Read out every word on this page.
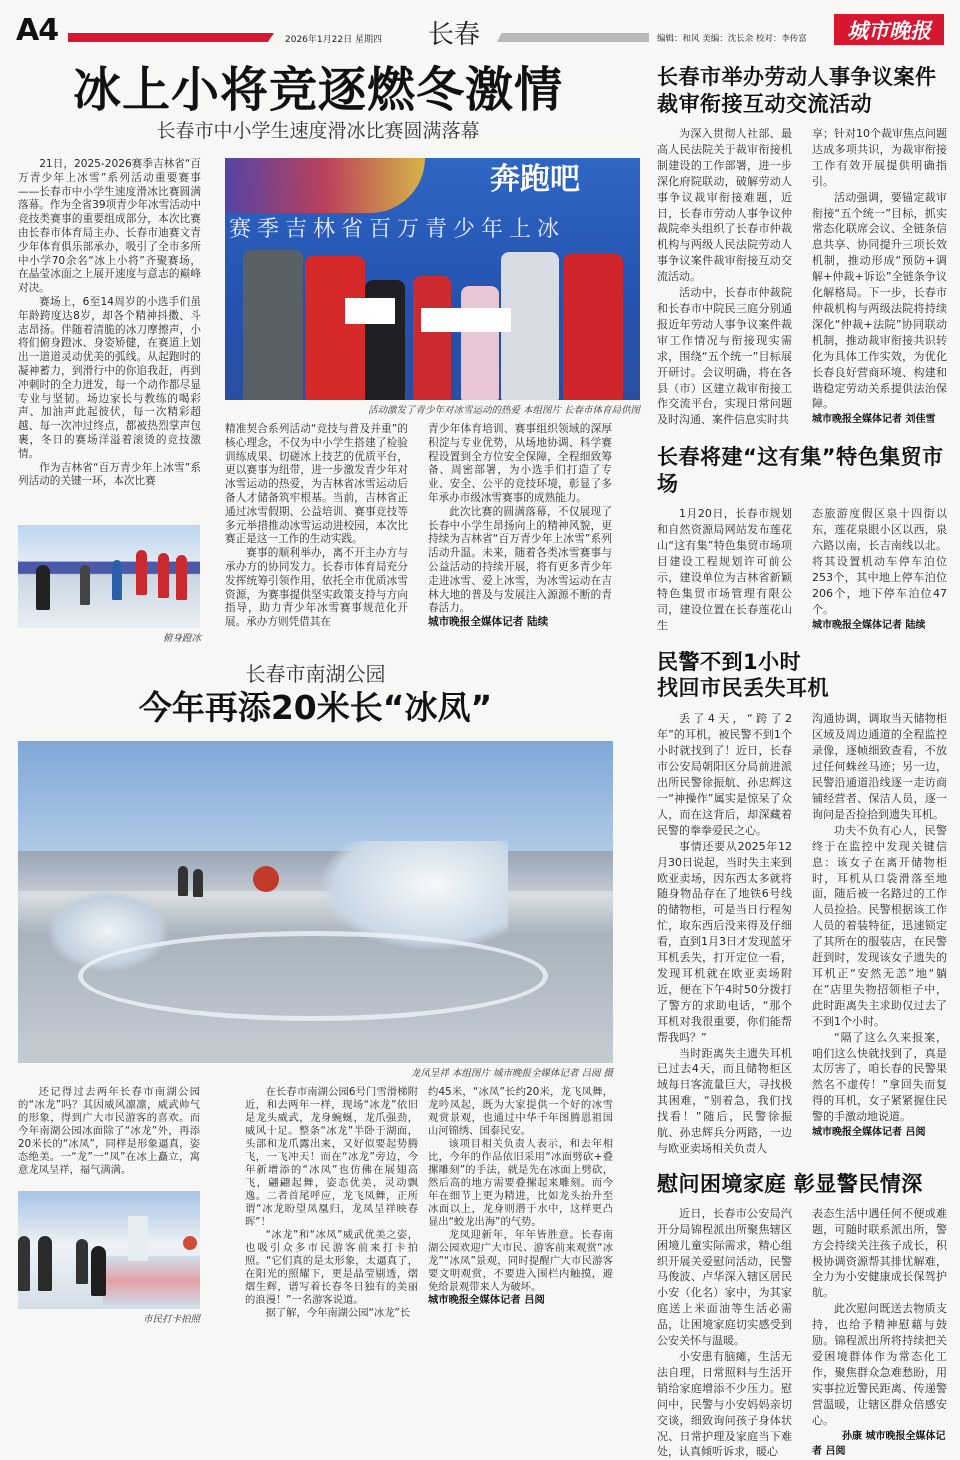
A4	2026年1月22日 星期四 长春	编辑：和风 美编：沈长余 校对：李传富 城市晚报
冰上小将竞逐燃冬激情
长春市中小学生速度滑冰比赛圆满落幕

21日，2025-2026赛季吉林省“百万青少年上冰雪”系列活动重要赛事——长春市中小学生速度滑冰比赛圆满落幕。作为全省39项青少年冰雪活动中竞技类赛事的重要组成部分，本次比赛由长春市体育局主办、长春市迪赛文青少年体育俱乐部承办，吸引了全市多所中小学70余名“冰上小将”齐聚赛场，在晶莹冰面之上展开速度与意志的巅峰对决。

赛场上，6至14周岁的小选手们虽年龄跨度达8岁，却各个精神抖擞、斗志昂扬。伴随着清脆的冰刀摩擦声，小将们俯身蹬冰、身姿矫健，在赛道上划出一道道灵动优美的弧线。从起跑时的凝神蓄力，到滑行中的你追我赶，再到冲刺时的全力迸发，每一个动作都尽显专业与坚韧。场边家长与教练的喝彩声、加油声此起彼伏，每一次精彩超越、每一次冲过终点，都被热烈掌声包裹，冬日的赛场洋溢着滚烫的竞技激情。

作为吉林省“百万青少年上冰雪”系列活动的关键一环，本次比赛

俯身蹬冰
奔跑吧
赛季吉林省百万青少年上冰
活动激发了青少年对冰雪运动的热爱 本组图片 长春市体育局供图

精准契合系列活动“竞技与普及并重”的核心理念，不仅为中小学生搭建了检验训练成果、切磋冰上技艺的优质平台，更以赛事为纽带，进一步激发青少年对冰雪运动的热爱，为吉林省冰雪运动后备人才储备筑牢根基。当前，吉林省正通过冰雪假期、公益培训、赛事竞技等多元举措推动冰雪运动进校园，本次比赛正是这一工作的生动实践。

赛事的顺利举办，离不开主办方与承办方的协同发力。长春市体育局充分发挥统筹引领作用，依托全市优质冰雪资源，为赛事提供坚实政策支持与方向指导，助力青少年冰雪赛事规范化开展。承办方则凭借其在

青少年体育培训、赛事组织领域的深厚积淀与专业优势，从场地协调、科学赛程设置到全方位安全保障，全程细致筹备、周密部署，为小选手们打造了专业、安全、公平的竞技环境，彰显了多年承办市级冰雪赛事的成熟能力。

此次比赛的圆满落幕，不仅展现了长春中小学生昂扬向上的精神风貌，更持续为吉林省“百万青少年上冰雪”系列活动升温。未来，随着各类冰雪赛事与公益活动的持续开展，将有更多青少年走进冰雪、爱上冰雪，为冰雪运动在吉林大地的普及与发展注入源源不断的青春活力。

城市晚报全媒体记者 陆续

长春市南湖公园
今年再添20米长“冰凤”
龙凤呈祥 本组图片 城市晚报全媒体记者 吕阅 摄

还记得过去两年长春市南湖公园的“冰龙”吗？其因威风凛凛，威武帅气的形象，得到广大市民游客的喜欢。而今年南湖公园冰面除了“冰龙”外，再添20米长的“冰凤”，同样是形象逼真，姿态绝美。一“龙”一“凤”在冰上矗立，寓意龙凤呈祥，福气满满。

市民打卡拍照

在长春市南湖公园6号门雪滑梯附近，和去两年一样，现场“冰龙”依旧是龙头威武，龙身蜿蜒，龙爪强劲，威风十足。整条“冰龙”半卧于湖面，头部和龙爪露出来，又好似要起势腾飞，一飞冲天！而在“冰龙”旁边，今年新增添的“冰凤”也仿佛在展翅高飞，翩翩起舞，姿态优美，灵动飘逸。二者首尾呼应，龙飞凤舞，正所谓“冰龙盼望凤凰归，龙凤呈祥映春晖”！

“冰龙”和“冰凤”威武优美之姿，也吸引众多市民游客前来打卡拍照。“它们真的是太形象，太逼真了，在阳光的照耀下，更是晶莹剔透，熠熠生辉，谱写着长春冬日独有的美丽的浪漫！”一名游客说道。

据了解，今年南湖公园“冰龙”长

约45米，“冰凤”长约20米，龙飞凤舞，龙吟凤起，既为大家提供一个好的冰雪观赏景观，也通过中华千年图腾恩祖国山河锦绣、国泰民安。

该项目相关负责人表示，和去年相比，今年的作品依旧采用“冰面劈砍+叠摞雕刻”的手法，就是先在冰面上劈砍，然后高的地方需要叠摞起来雕刻。而今年在细节上更为精进，比如龙头抬升至冰面以上，龙身则潜于水中，这样更凸显出“蛟龙出海”的气势。

龙凤迎新年，年年皆胜意。长春南湖公园欢迎广大市民、游客前来观赏“冰龙”“冰凤”景观，同时提醒广大市民游客要文明观赏，不要进入围栏内触摸，避免给景观带来人为破坏。

城市晚报全媒体记者 吕阅

长春市举办劳动人事争议案件
裁审衔接互动交流活动

为深入贯彻人社部、最高人民法院关于裁审衔接机制建设的工作部署，进一步深化府院联动，破解劳动人事争议裁审衔接难题，近日，长春市劳动人事争议仲裁院牵头组织了长春市仲裁机构与两级人民法院劳动人事争议案件裁审衔接互动交流活动。

活动中，长春市仲裁院和长春市中院民三庭分别通报近年劳动人事争议案件裁审工作情况与衔接现实需求，围绕“五个统一”目标展开研讨。会议明确，将在各县（市）区建立裁审衔接工作交流平台，实现日常问题及时沟通、案件信息实时共

享；针对10个裁审焦点问题达成多项共识，为裁审衔接工作有效开展提供明确指引。

活动强调，要锚定裁审衔接“五个统一”目标，抓实常态化联席会议、全链条信息共享、协同提升三项长效机制，推动形成“预防+调解+仲裁+诉讼”全链条争议化解格局。下一步，长春市仲裁机构与两级法院将持续深化“仲裁+法院”协同联动机制，推动裁审衔接共识转化为具体工作实效，为优化长春良好营商环境、构建和谐稳定劳动关系提供法治保障。

城市晚报全媒体记者 刘佳雪

长春将建“这有集”特色集贸市场

1月20日，长春市规划和自然资源局网站发布莲花山“这有集”特色集贸市场项目建设工程规划许可前公示，建设单位为吉林省新颖特色集贸市场管理有限公司，建设位置在长春莲花山生

态旅游度假区泉十四街以东，莲花泉眼小区以西，泉六路以南，长吉南线以北。将其设置机动车停车泊位253个，其中地上停车泊位206个，地下停车泊位47个。

城市晚报全媒体记者 陆续

民警不到1小时
找回市民丢失耳机

丢了4天，“跨了2年”的耳机，被民警不到1个小时就找到了！近日，长春市公安局朝阳区分局前进派出所民警徐振航、孙忠辉这一“神操作”属实是惊呆了众人，而在这背后，却深藏着民警的拳拳爱民之心。

事情还要从2025年12月30日说起，当时失主来到欧亚卖场，因东西太多就将随身物品存在了地铁6号线的储物柜，可是当日行程匆忙，取东西后没来得及仔细看，直到1月3日才发现蓝牙耳机丢失，打开定位一看，发现耳机就在欧亚卖场附近，便在下午4时50分拨打了警方的求助电话，“那个耳机对我很重要，你们能帮帮我吗？”

当时距离失主遗失耳机已过去4天，而且储物柜区域每日客流量巨大，寻找极其困难，“别着急，我们找找看！”随后，民警徐振航、孙忠辉兵分两路，一边与欧亚卖场相关负责人

沟通协调，调取当天储物柜区域及周边通道的全程监控录像，逐帧细致查看，不放过任何蛛丝马迹；另一边，民警沿通道沿线逐一走访商铺经营者、保洁人员，逐一询问是否捡拾到遗失耳机。

功夫不负有心人，民警终于在监控中发现关键信息：该女子在离开储物柜时，耳机从口袋滑落至地面，随后被一名路过的工作人员捡拾。民警根据该工作人员的着装特征，迅速锁定了其所在的服装店，在民警赶到时，发现该女子遗失的耳机正“安然无恙”地“躺在”店里失物招领柜子中，此时距离失主求助仅过去了不到1个小时。

“隔了这么久来报案，咱们这么快就找到了，真是太厉害了，咱长春的民警果然名不虚传！”拿回失而复得的耳机，女子紧紧握住民警的手激动地说道。

城市晚报全媒体记者 吕阅

慰问困境家庭 彰显警民情深

近日，长春市公安局汽开分局锦程派出所聚焦辖区困境儿童实际需求，精心组织开展关爱慰问活动，民警马俊波、卢华深入辖区居民小安（化名）家中，为其家庭送上米面油等生活必需品，让困境家庭切实感受到公安关怀与温暖。

小安患有脑瘫，生活无法自理，日常照料与生活开销给家庭增添不少压力。慰问中，民警与小安妈妈亲切交谈，细致询问孩子身体状况、日常护理及家庭当下难处，认真倾听诉求，暖心

表态生活中遇任何不便或难题，可随时联系派出所，警方会持续关注孩子成长，积极协调资源帮其排忧解难，全力为小安健康成长保驾护航。

此次慰问既送去物质支持，也给予精神慰藉与鼓励。锦程派出所将持续把关爱困境群体作为常态化工作，聚焦群众急难愁盼，用实事拉近警民距离、传递警营温暖，让辖区群众倍感安心。

孙康 城市晚报全媒体记者 吕阅
